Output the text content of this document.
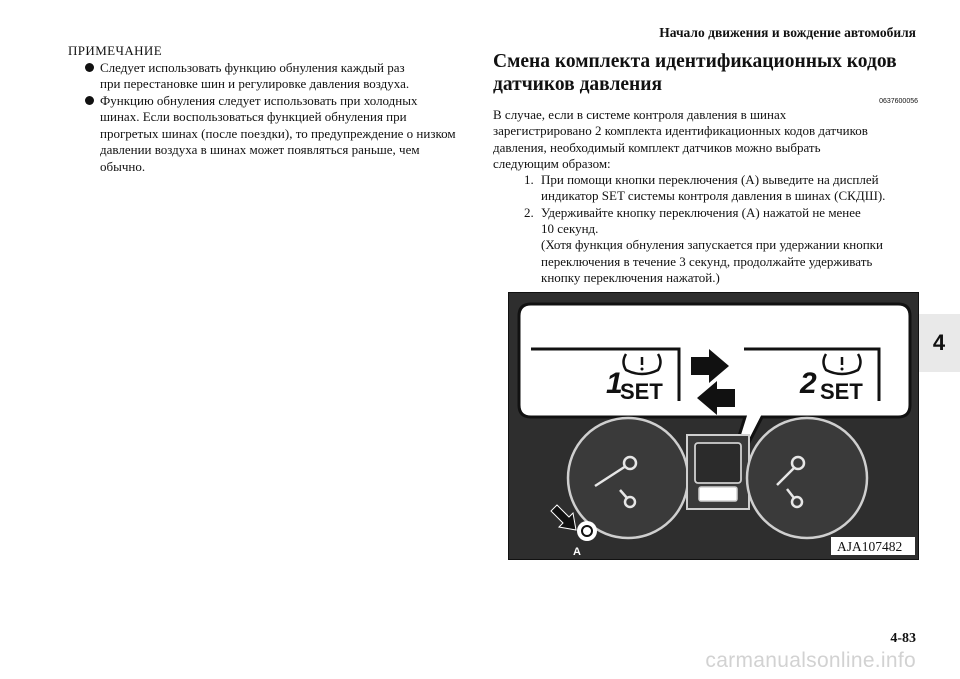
Начало движения и вождение автомобиля
4
ПРИМЕЧАНИЕ
Следует использовать функцию обнуления каждый раз
при перестановке шин и регулировке давления воздуха.
Функцию обнуления следует использовать при холодных
шинах. Если воспользоваться функцией обнуления при
прогретых шинах (после поездки), то предупреждение о низком
давлении воздуха в шинах может появляться раньше, чем
обычно.
Смена комплекта идентификационных кодов
датчиков давления
0637600056
В случае, если в системе контроля давления в шинах
зарегистрировано 2 комплекта идентификационных кодов датчиков
давления, необходимый комплект датчиков можно выбрать
следующим образом:
1. При помощи кнопки переключения (A) выведите на дисплей
индикатор SET системы контроля давления в шинах (СКДШ).
2. Удерживайте кнопку переключения (A) нажатой не менее
10 секунд.
(Хотя функция обнуления запускается при удержании кнопки
переключения в течение 3 секунд, продолжайте удерживать
кнопку переключения нажатой.)
1
SET	2 SET
A	AJA107482
4-83
carmanualsonline.info
